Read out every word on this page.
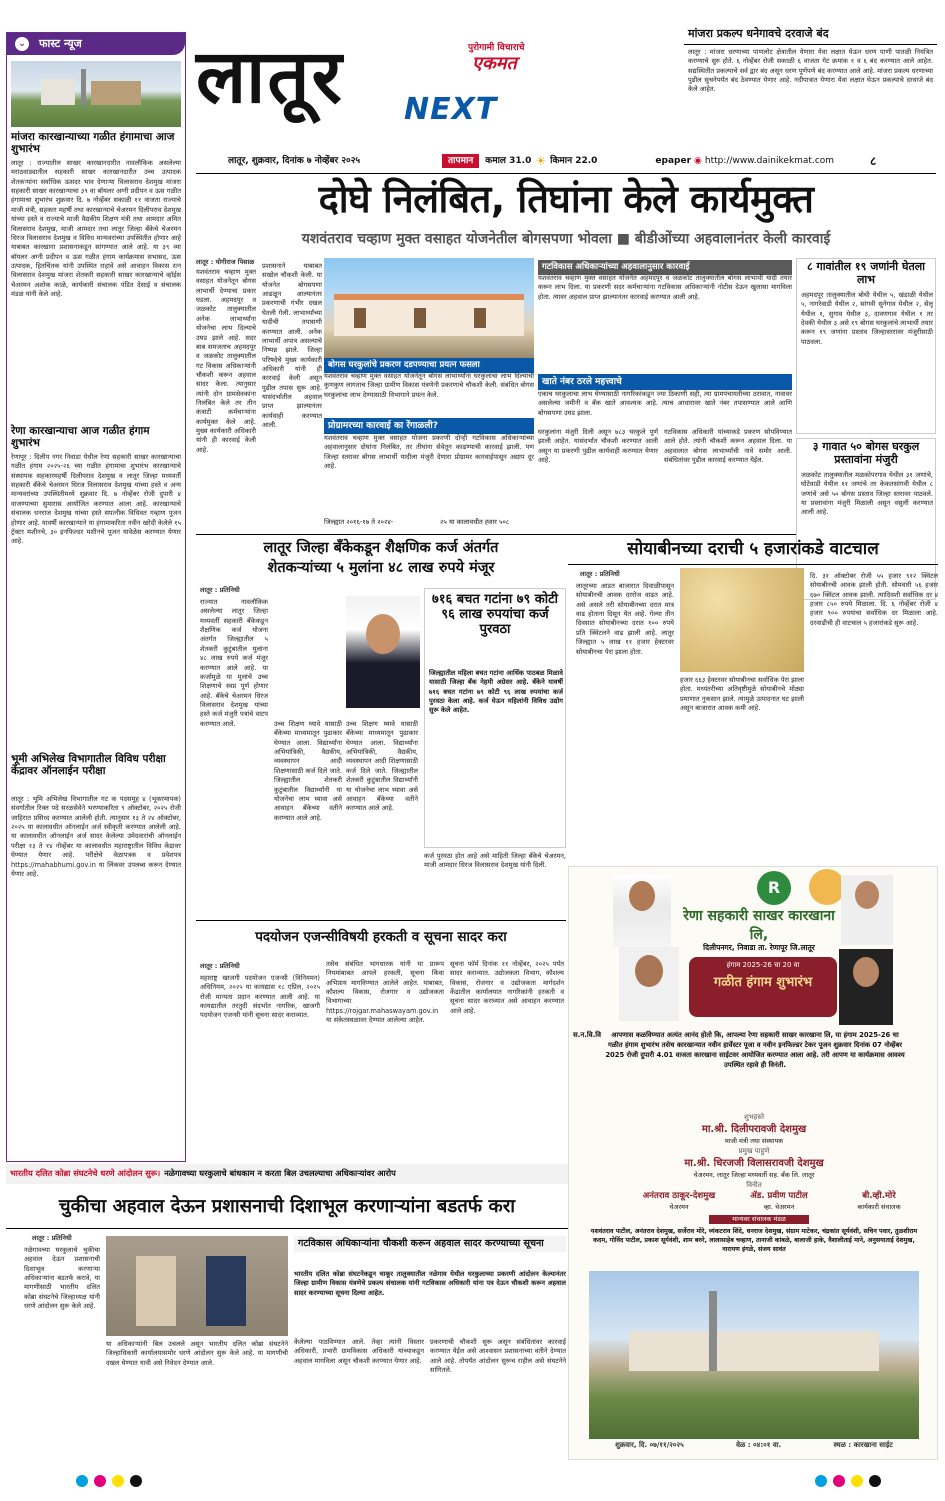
⌄ फास्ट न्यूज
मांजरा कारखान्याच्या गळीत हंगामाचा आज शुभारंभ
लातूर : राज्यातील साखर कारखानदारीत नावलौकिक असलेल्या मराठवाड्यातील सहकारी साखर कारखानदारीत उच्च उत्पादक शेतकऱ्यांना सर्वाधिक ऊसदर भाव देणाऱ्या विलासराव देशमुख मांजरा सहकारी साखर कारखान्याचा ३९ वा बॉयलर अग्नी प्रदीपन व ऊस गळीत हंगामाचा शुभारंभ शुक्रवार दि. ७ नोव्हेंबर सकाळी ११ वाजता राज्याचे माजी मंत्री, सहकार महर्षी तथा कारखान्याचे चेअरमन दिलीपराव देशमुख यांच्या हस्ते व राज्याचे माजी वैद्यकीय शिक्षण मंत्री तथा आमदार अमित विलासराव देशमुख, माजी आमदार तथा लातूर जिल्हा बँकेचे चेअरमन धिरज विलासराव देशमुख व विविध मान्यवरांच्या उपस्थितीत होणार आहे याबाबत कारखाना प्रशासनाकडून सांगण्यात आले आहे. या ३९ व्या बॉयलर अग्नी प्रदीपन व ऊस गळीत हंगाम कार्यक्रमास सभासद, ऊस उत्पादक, हितचिंतक यांनी उपस्थित राहावे असे आवाहन विकास रत्न विलासराव देशमुख मांजरा शेतकरी सहकारी साखर कारखान्याचे व्हॉईस चेअरमन अशोक काळे, कार्यकारी संचालक पंडित देसाई व संचालक मंडळ यांनी केले आहे.
रेणा कारखान्याचा आज गळीत हंगाम शुभारंभ
रेणापूर : दिलीप नगर निवाडा येथील रेणा सहकारी साखर कारखान्याचा गळीत हंगाम २०२५-२६ च्या गळीत हंगामाचा शुभारंभ कारखान्याचे संस्थापक सहकारमहर्षी दिलीपराव देशमुख व लातूर जिल्हा मध्यवर्ती सहकारी बँकेचे चेअरमन धिरज विलासराव देशमुख यांच्या हस्ते व अन्य मान्यवरांच्या उपस्थितीमध्ये शुक्रवार दि. ७ नोव्हेंबर रोजी दुपारी ४ वाजण्याच्या सुमारास आयोजित करण्यात आला आहे. कारखान्याचे संचालक धनराज देशमुख यांच्या हस्ते सपत्नीक विधिवत गव्हाण पूजन होणार आहे. यावर्षी कारखान्याने या हंगामाकरिता नवीन खरेदी केलेले १५ ट्रॅक्टर मशीनचे, ३० इनफिल्डर मशीनचे पूजन यावेळेस करण्यात येणार आहे.
भूमी अभिलेख विभागातील विविध परीक्षा केंद्रावर ऑनलाईन परीक्षा
लातूर : भूमि अभिलेख विभागातील गट क पदसमूह ४ (भूकरमापक) संवर्गातील रिक्त पदे सरळसेवेने भरण्याकरिता ९ ऑक्टोबर, २०२५ रोजी जाहिरात प्रसिध्द करण्यात आलेली होती. त्यानुसार १३ ते २४ ऑक्टोबर, २०२५ या कालावधीत ऑनलाईन अर्ज स्वीकृती करण्यात आलेली आहे. या कालावधीत ऑनलाईन अर्ज सादर केलेल्या उमेदवारांची ऑनलाईन परीक्षा १३ ते १४ नोव्हेंबर या कालावधीत महाराष्ट्रातील विविध केंद्रावर घेण्यात येणार आहे. परीक्षेचे वेळापत्रक व प्रवेशपत्र https://mahabhumi.gov.in या लिंकवर उपलब्ध करून देण्यात येणार आहे.
लातूर	पुरोगामी विचाराचे
एकमत
NEXT
लातूर, शुक्रवार, दिनांक ७ नोव्हेंबर २०२५	तापमान	कमाल 31.0 ☀ किमान 22.0	epaper ◉ http://www.dainikekmat.com	८
मांजरा प्रकल्प धनेगावचे दरवाजे बंद
लातूर : मांजरा धरणाच्या पाणलोट क्षेत्रातील येणारा येवा लक्षात घेऊन धरण पाणी पातळी नियंत्रित करण्याचे सुरु होते. ६ नोव्हेंबर रोजी सकाळी ६ वाजता गेट क्रमांक १ व ६ बंद करण्यात आले आहेत. सद्यस्थितीत प्रकल्पाचे सर्व द्वार बंद असून धरण पूर्णपणे बंद करण्यात आले आहे. मांजरा प्रकल्प धरणाच्या पुढील सुचनेपर्यंत बंद ठेवण्यात येणार आहे. नदीपात्रात येणारा येवा लक्षात घेऊन प्रकल्पाचे दरवाजे बंद केले आहेत.
दोघे निलंबित, तिघांना केले कार्यमुक्त
यशवंतराव चव्हाण मुक्त वसाहत योजनेतील बोगसपणा भोवला ■ बीडीओंच्या अहवालानंतर केली कारवाई
लातूर : योगीराज पिसाळ
यशवंतराव चव्हाण मुक्त वसाहत योजनेतून बोगस लाभार्थी देण्याचा प्रकार घडला. अहमदपूर व जळकोट तालुक्यातील अनेक लाभार्थ्यांना योजनेचा लाभ दिल्याचे उघड झाले आहे. सदर बाब समजताच अहमदपूर व जळकोट तालुक्यातील गट विकास अधिकाऱ्यांनी चौकशी करून अहवाल सादर केला. त्यानुसार त्यांनी दोन ग्रामसेवकांना निलंबित केले तर तीन कंत्राटी कर्मचाऱ्यांना कार्यमुक्त केले आहे. मुख्य कार्यकारी अधिकारी यांनी ही कारवाई केली आहे.
प्रशासनाने याबाबत सखोल चौकशी केली. या योजनेत बोगसपणा आढळून आल्यानंतर प्रकरणाची गंभीर दखल घेतली गेली. लाभार्थ्यांच्या यादीची तपासणी करण्यात आली. अनेक लाभार्थी अपात्र असल्याचे निष्पन्न झाले. जिल्हा परिषदेचे मुख्य कार्यकारी अधिकारी यांनी ही कारवाई केली असून पुढील तपास सुरू आहे. यासंदर्भातील अहवाल प्राप्त झाल्यानंतर कार्यवाही करण्यात आली.
बोगस घरकुलांचे प्रकरण दडपण्याचा प्रयत्न फसला
यशवंतराव चव्हाण मुक्त वसाहत योजनेतून बोगस लाभार्थ्यांना घरकुलाचा लाभ दिल्याची कुणकुण लागताच जिल्हा ग्रामीण विकास यंत्रणेनी प्रकरणाचे चौकशी केली. संबंधित बोगस घरकुलांचा लाभ देण्यासाठी विभागाने प्रयत्न केले.
गटविकास अधिकाऱ्यांच्या अहवालानुसार कारवाई
यशवंतराव चव्हाण मुक्त वसाहत योजनेत अहमदपूर व जळकोट तालुक्यातील बोगस लाभार्थी यादी तयार करून लाभ दिला. या प्रकरणी सदर कर्मचाऱ्यांना गटविकास अधिकाऱ्यांनी नोटीस देऊन खुलासा मागविला होता. त्यावर अहवाल प्राप्त झाल्यानंतर कारवाई करण्यात आली आहे.
खाते नंबर ठरले महत्त्वाचे
एकाच घरकुलाचा लाभ घेण्यासाठी नागरिकांकडून ज्या ठिकाणी सही, त्या ग्रामपंचायतीच्या ठरावात, नावावर असलेल्या जमीनी व बँक खाते आवश्यक आहे. त्याच आधारावर खाते नंबर तपासण्यात आले आणि बोगसपणा उघड झाला.
प्रोग्रामरच्या कारवाई का रेंगाळली?
यशवंतराव चव्हाण मुक्त वसाहत योजना प्रकरणी दोन्ही गटविकास अधिकाऱ्यांच्या अहवालानुसार दोघांना निलंबित, तर तीघांना सेवेतून काढण्याची कारवाई झाली. पण जिल्हा स्तरावर बोगस लाभार्थी यादीला मंजुरी देणारा प्रोग्रामर कारवाईपासून अद्याप दूर आहे.
घरकुलांना मंजुरी दिली असून ७८३ घरकुले पूर्ण झाली आहेत. यासंदर्भात चौकशी करण्यात आली असून या प्रकरणी पुढील कार्यवाही करण्यात येणार आहे.
गटविकास अधिकारी यांच्याकडे प्रकरण सोपविण्यात आले होते. त्यांनी चौकशी करून अहवाल दिला. या अहवालात बोगस लाभार्थ्यांची नावे समोर आली. संबंधितांवर पुढील कारवाई करण्यात येईल.
जिल्ह्यात २०१६-१७ ते २०२४-	२५ या कालावधीत ह्जार ५०८
८ गावांतील १९ जणांनी घेतला लाभ
अहमदपूर तालुक्यातील बोथी येथील ५, खंडाळी येथील ५, नागरेवाडी येथील २, सांगवी सुनेगाव येथील २, सेलू येथील १, सुगाव येथील ३, दावणगाव येथील १ तर देवकी येथील ३ असे १९ बोगस घरकुलांचे लाभार्थी तयार करून १९ जणांना प्रस्ताव जिल्हास्तरावर मंजुरीसाठी पाठवला.
३ गावात ५० बोगस घरकुल प्रस्तावांना मंजुरी
जळकोट तालुक्यातील मळकोपरगाव येथील ३१ जणांचे, घोटेवाडी येथील ११ जणांचे तर केकतसांगवी येथील ८ जणांचे असे ५० बोगस प्रस्ताव जिल्हा स्तरावर पाठवले. या प्रस्तावांना मंजुरी मिळाली असून वसुली करण्यात आली आहे.
लातूर जिल्हा बँकेकडून शैक्षणिक कर्ज अंतर्गत
शेतकऱ्यांच्या ५ मुलांना ४८ लाख रुपये मंजूर
लातूर : प्रतिनिधी
राज्यात नावलौकिक असलेल्या लातूर जिल्हा मध्यवर्ती सहकारी बँकेकडून शैक्षणिक कर्ज योजना अंतर्गत जिल्ह्यातील ५ शेतकरी कुटुंबातील मुलांना ४८ लाख रुपये कर्ज मंजूर करण्यात आले आहे. या कर्जामुळे या मुलांचे उच्च शिक्षणाचे स्वप्न पूर्ण होणार आहे. बँकेचे चेअरमन धिरज विलासराव देशमुख यांच्या हस्ते कर्ज मंजुरी पत्रांचे वाटप करण्यात आले.	उच्च शिक्षण घ्यावे यासाठी बँकेच्या माध्यमातून पुढाकार घेण्यात आला. विद्यार्थ्यांना अभियांत्रिकी, वैद्यकीय, व्यवस्थापन आदी शिक्षणासाठी कर्ज दिले जाते. जिल्ह्यातील शेतकरी कुटुंबातील विद्यार्थ्यांनी या योजनेचा लाभ घ्यावा असे आवाहन बँकेच्या वतीने करण्यात आले आहे.
उच्च शिक्षण घ्यावे यासाठी बँकेच्या माध्यमातून पुढाकार घेण्यात आला. विद्यार्थ्यांना अभियांत्रिकी, वैद्यकीय, व्यवस्थापन आदी शिक्षणासाठी कर्ज दिले जाते. जिल्ह्यातील शेतकरी कुटुंबातील विद्यार्थ्यांनी या योजनेचा लाभ घ्यावा असे आवाहन बँकेच्या वतीने करण्यात आले आहे.
७१६ बचत गटांना ७९ कोटी ९६ लाख रुपयांचा कर्ज पुरवठा
जिल्ह्यातील महिला बचत गटांना आर्थिक पाठबळ मिळावे यासाठी जिल्हा बँक नेहमी अग्रेसर आहे. बँकेने यावर्षी ७१६ बचत गटांना ७९ कोटी ९६ लाख रुपयांचा कर्ज पुरवठा केला आहे. कर्ज घेऊन महिलांनी विविध उद्योग सुरू केले आहेत.
कर्ज पुरवठा होत आहे असे माहिती जिल्हा बँकेचे चेअरमन, माजी आमदार धिरज विलासराव देशमुख यांनी दिली.
सोयाबीनच्या दराची ५ हजारांकडे वाटचाल
लातूर : प्रतिनिधी
लातूरच्या आडत बाजारात दिवाळीपासून सोयाबीनची आवक दररोज वाढत आहे. असे असले तरी सोयाबीनच्या दरात मात्र वाढ होताना दिसून येत आहे. गेल्या तीन दिवसात सोयाबीनच्या दरात १०० रुपये प्रति क्विंटलने वाढ झाली आहे. लातूर जिल्ह्यात ५ लाख ११ हजार हेक्टरवर सोयाबीनचा पेरा झाला होता.
हजार ६६३ हेक्टरवर सोयाबीनचा सर्वाधिक पेरा झाला होता. मध्यंतरीच्या अतिवृष्टीमुळे सोयाबीनचे मोठ्या प्रमाणात नुकसान झाले. त्यामुळे उत्पादनात घट झाली असून बाजारात आवक कमी आहे.
दि. ३१ ऑक्टोबर रोजी ५५ हजार ९१२ क्विंटल सोयाबीनची आवक झाली होती. सोमवारी ५६ हजार ६७० क्विंटल आवक झाली. त्यादिवशी सर्वाधिक दर ४ हजार ८५० रुपये मिळाला. दि. ६ नोव्हेंबर रोजी ४ हजार ९०० रुपयांचा सर्वाधिक दर मिळाला आहे. दरवाढीची ही वाटचाल ५ हजारांकडे सुरू आहे.
R
रेणा सहकारी साखर कारखाना लि,
दिलीपनगर, निवाडा ता. रेणापूर जि.लातूर
हंगाम 2025-26 चा 20 वा
गळीत हंगाम शुभारंभ
स.न.वि.वि	आपणास कळविण्यात अत्यंत आनंद होतो कि, आपल्या रेणा सहकारी साखर कारखाना लि, या हंगाम 2025-26 चा गळीत हंगाम शुभारंभ तसेच कारखान्यात नवीन हार्वेस्टर पूजा व नवीन इनफिल्डर टेकर पूजन शुक्रवार दिनांक 07 नोव्हेंबर 2025 रोजी दुपारी 4.01 वाजता कारखाना साईटवर आयोजित करण्यात आला आहे. तरी आपण या कार्यक्रमास आवश्य उपस्थित रहावे ही विनंती.
शुभहस्ते
मा.श्री. दिलीपरावजी देशमुख
माजी मंत्री तथा संस्थापक
प्रमुख पाहुणे
मा.श्री. धिरजजी विलासरावजी देशमुख
चेअरमन, लातूर जिल्हा मध्यवर्ती सह. बँक लि. लातूर
विनीत
अनंतराव ठाकूर-देशमुख
चेअरमन
ॲड. प्रवीण पाटील
व्हा. चेअरमन
बी.व्ही.मोरे
कार्यकारी संचालक
मान्यवर संचालक मंडळ
यशवंतराव पाटील, अनंतराव देशमुख, सर्जेराव मोरे, व्यंकटराव शिंदे, धनराज देशमुख, संग्राम माटेकर, चंद्रकांत सूर्यवंशी, सचिन पवार, तुळशीराम कदम, गोविंद पाटील, प्रकाश सूर्यवंशी, शाम बरुरे, लालासाहेब चव्हाण, तानाजी कांबळे, बालाजी हाके, वैशालीताई माने, अनुसयाताई देशमुख, नारायण इंगळे, संजय सावंत
शुक्रवार, दि. ०७/११/२०२५	वेळ : ०४:०१ वा.	स्थळ : कारखाना साईट
पदयोजन एजन्सीविषयी हरकती व सूचना सादर करा
लातूर : प्रतिनिधी
महाराष्ट्र खाजगी पदयोजन एजन्सी (विनियमन) अधिनियम, २०२५ या कायद्यास १८ एप्रिल, २०२५ रोजी मान्यता प्रदान करण्यात आली आहे. या कायद्यातील तरतुदी संदर्भात नागरिक, खाजगी पदयोजन एजन्सी यांनी सूचना सादर कराव्यात.
तसेच संबंधित भागधारक यांनी या प्रारूप नियमांबाबत आपले हरकती, सूचना किंवा अभिप्राय मागविण्यात आलेले आहेत. याबाबत, कौशल्य विकास, रोजगार व उद्योजकता विभागाच्या https://rojgar.mahaswayam.gov.in या संकेतस्थळावर देण्यात आलेल्या आहेत.
सूचना फॉर्म दिनांक ११ नोव्हेंबर, २०२५ पर्यंत सादर कराव्यात. उद्योजकता विभाग, कौशल्य विकास, रोजगार व उद्योजकता मार्गदर्शन केंद्रातील कार्यालयात नागरिकांनी हरकती व सूचना सादर कराव्यात असे आवाहन करण्यात आले आहे.
भारतीय दलित कोब्रा संघटनेचे धरणे आंदोलन सुरू। नळेगावच्या घरकुलाचे बांधकाम न करता बिल उचलल्याचा अधिकाऱ्यांवर आरोप
चुकीचा अहवाल देऊन प्रशासनाची दिशाभूल करणाऱ्यांना बडतर्फ करा
लातूर : प्रतिनिधी
नळेगावच्या घरकुलाचे चुकीचा अहवाल देऊन प्रशासनाची दिशाभूल करणाऱ्या अधिकाऱ्यांना बडतर्फ करावे, या मागणीसाठी भारतीय दलित कोब्रा संघटनेचे जिल्हाध्यक्ष यांनी धरणे आंदोलन सुरू केले आहे.
या अधिकाऱ्यांनी बिल उचलले असून भारतीय दलित कोब्रा संघटनेने जिल्हाधिकारी कार्यालयासमोर धरणे आंदोलन सुरू केले आहे. या मागणीची दखल घेण्यात यावी असे निवेदन देण्यात आले.
गटविकास अधिकाऱ्यांना चौकशी करून अहवाल सादर करण्याच्या सूचना
भारतीय दलित कोब्रा संघटनेकडून चाकूर तालुक्यातील नळेगाव येथील घरकुलाच्या प्रकरणी आंदोलन केल्यानंतर जिल्हा ग्रामीण विकास यंत्रणेचे प्रकल्प संचालक यांनी गटविकास अधिकारी यांना पत्र देऊन चौकशी करून अहवाल सादर करण्याच्या सूचना दिल्या आहेत.
केलेल्या पाठविण्यात आले. तेव्हा त्यांनी विस्तार अधिकारी, प्रभारी ग्रामविकास अधिकारी यांच्याकडून अहवाल मागविला असून चौकशी करण्यात येणार आहे.
प्रकरणाची चौकशी सुरू असून संबंधितांवर कारवाई करण्यात येईल असे आश्वासन प्रशासनाच्या वतीने देण्यात आले आहे. तोपर्यंत आंदोलन सुरूच राहील असे संघटनेने सांगितले.
